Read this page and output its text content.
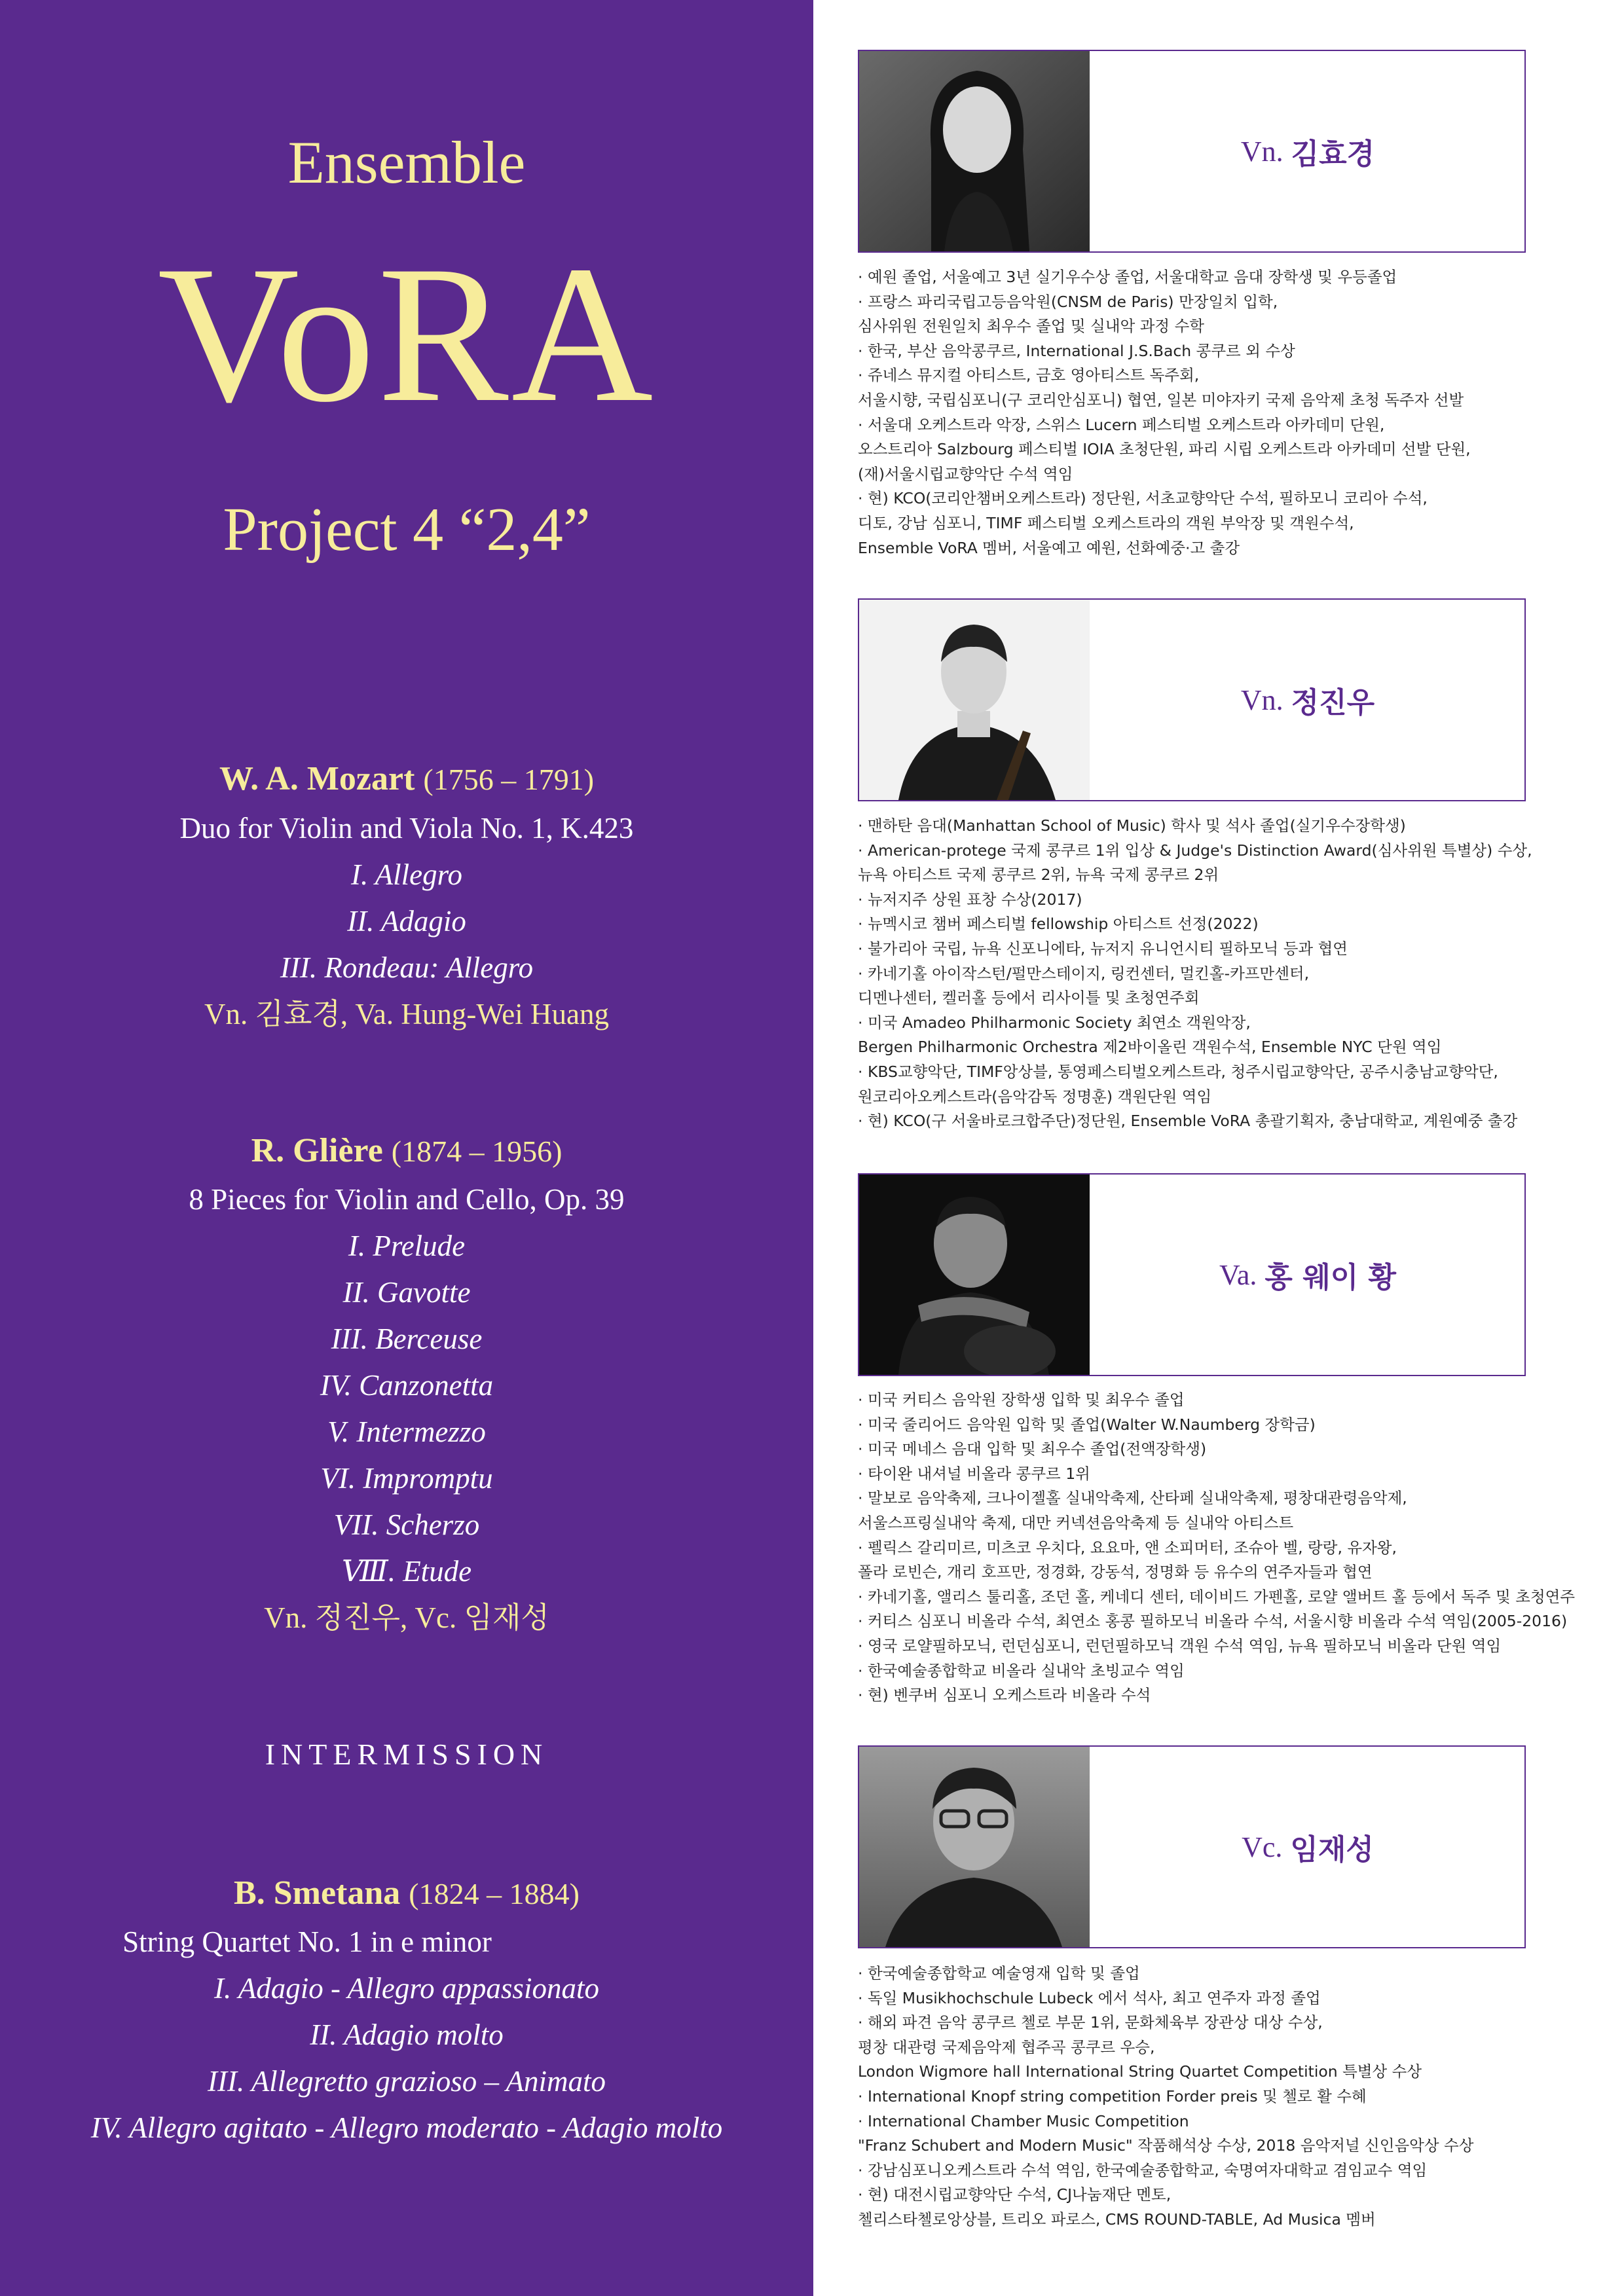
Ensemble
VoRA
Project 4 “2,4”
W. A. Mozart (1756 – 1791)
Duo for Violin and Viola No. 1, K.423
I. Allegro
II. Adagio
III. Rondeau: Allegro
Vn. 김효경, Va. Hung-Wei Huang
R. Glière (1874 – 1956)
8 Pieces for Violin and Cello, Op. 39
I. Prelude
II. Gavotte
III. Berceuse
IV. Canzonetta
V. Intermezzo
VI. Impromptu
VII. Scherzo
Ⅷ. Etude
Vn. 정진우, Vc. 임재성
INTERMISSION
B. Smetana (1824 – 1884)
String Quartet No. 1 in e minor
I. Adagio - Allegro appassionato
II. Adagio molto
III. Allegretto grazioso – Animato
IV. Allegro agitato - Allegro moderato - Adagio molto
Vn. 김효경
· 예원 졸업, 서울예고 3년 실기우수상 졸업, 서울대학교 음대 장학생 및 우등졸업
· 프랑스 파리국립고등음악원(CNSM de Paris) 만장일치 입학,
심사위원 전원일치 최우수 졸업 및 실내악 과정 수학
· 한국, 부산 음악콩쿠르, International J.S.Bach 콩쿠르 외 수상
· 쥬네스 뮤지컬 아티스트, 금호 영아티스트 독주회,
서울시향, 국립심포니(구 코리안심포니) 협연, 일본 미야자키 국제 음악제 초청 독주자 선발
· 서울대 오케스트라 악장, 스위스 Lucern 페스티벌 오케스트라 아카데미 단원,
오스트리아 Salzbourg 페스티벌 IOIA 초청단원, 파리 시립 오케스트라 아카데미 선발 단원,
(재)서울시립교향악단 수석 역임
· 현) KCO(코리안챔버오케스트라) 정단원, 서초교향악단 수석, 필하모니 코리아 수석,
디토, 강남 심포니, TIMF 페스티벌 오케스트라의 객원 부악장 및 객원수석,
Ensemble VoRA 멤버, 서울예고 예원, 선화예중·고 출강
Vn. 정진우
· 맨하탄 음대(Manhattan School of Music) 학사 및 석사 졸업(실기우수장학생)
· American-protege 국제 콩쿠르 1위 입상 & Judge's Distinction Award(심사위원 특별상) 수상,
뉴욕 아티스트 국제 콩쿠르 2위, 뉴욕 국제 콩쿠르 2위
· 뉴저지주 상원 표창 수상(2017)
· 뉴멕시코 챔버 페스티벌 fellowship 아티스트 선정(2022)
· 불가리아 국립, 뉴욕 신포니에타, 뉴저지 유니언시티 필하모닉 등과 협연
· 카네기홀 아이작스턴/펄만스테이지, 링컨센터, 멀킨홀-카프만센터,
디멘나센터, 켈러홀 등에서 리사이틀 및 초청연주회
· 미국 Amadeo Philharmonic Society 최연소 객원악장,
Bergen Philharmonic Orchestra 제2바이올린 객원수석, Ensemble NYC 단원 역임
· KBS교향악단, TIMF앙상블, 통영페스티벌오케스트라, 청주시립교향악단, 공주시충남교향악단,
원코리아오케스트라(음악감독 정명훈) 객원단원 역임
· 현) KCO(구 서울바로크합주단)정단원, Ensemble VoRA 총괄기획자, 충남대학교, 계원예중 출강
Va. 홍 웨이 황
· 미국 커티스 음악원 장학생 입학 및 최우수 졸업
· 미국 줄리어드 음악원 입학 및 졸업(Walter W.Naumberg 장학금)
· 미국 메네스 음대 입학 및 최우수 졸업(전액장학생)
· 타이완 내셔널 비올라 콩쿠르 1위
· 말보로 음악축제, 크나이젤홀 실내악축제, 산타페 실내악축제, 평창대관령음악제,
서울스프링실내악 축제, 대만 커넥션음악축제 등 실내악 아티스트
· 펠릭스 갈리미르, 미츠코 우치다, 요요마, 앤 소피머터, 조슈아 벨, 랑랑, 유자왕,
폴라 로빈슨, 개리 호프만, 정경화, 강동석, 정명화 등 유수의 연주자들과 협연
· 카네기홀, 앨리스 툴리홀, 조던 홀, 케네디 센터, 데이비드 가펜홀, 로얄 앨버트 홀 등에서 독주 및 초청연주
· 커티스 심포니 비올라 수석, 최연소 홍콩 필하모닉 비올라 수석, 서울시향 비올라 수석 역임(2005-2016)
· 영국 로얄필하모닉, 런던심포니, 런던필하모닉 객원 수석 역임, 뉴욕 필하모닉 비올라 단원 역임
· 한국예술종합학교 비올라 실내악 초빙교수 역임
· 현) 벤쿠버 심포니 오케스트라 비올라 수석
Vc. 임재성
· 한국예술종합학교 예술영재 입학 및 졸업
· 독일 Musikhochschule Lubeck 에서 석사, 최고 연주자 과정 졸업
· 해외 파견 음악 콩쿠르 첼로 부문 1위, 문화체육부 장관상 대상 수상,
평창 대관령 국제음악제 협주곡 콩쿠르 우승,
London Wigmore hall International String Quartet Competition 특별상 수상
· International Knopf string competition Forder preis 및 첼로 활 수혜
· International Chamber Music Competition
"Franz Schubert and Modern Music" 작품해석상 수상, 2018 음악저널 신인음악상 수상
· 강남심포니오케스트라 수석 역임, 한국예술종합학교, 숙명여자대학교 겸임교수 역임
· 현) 대전시립교향악단 수석, CJ나눔재단 멘토,
첼리스타첼로앙상블, 트리오 파로스, CMS ROUND-TABLE, Ad Musica 멤버
